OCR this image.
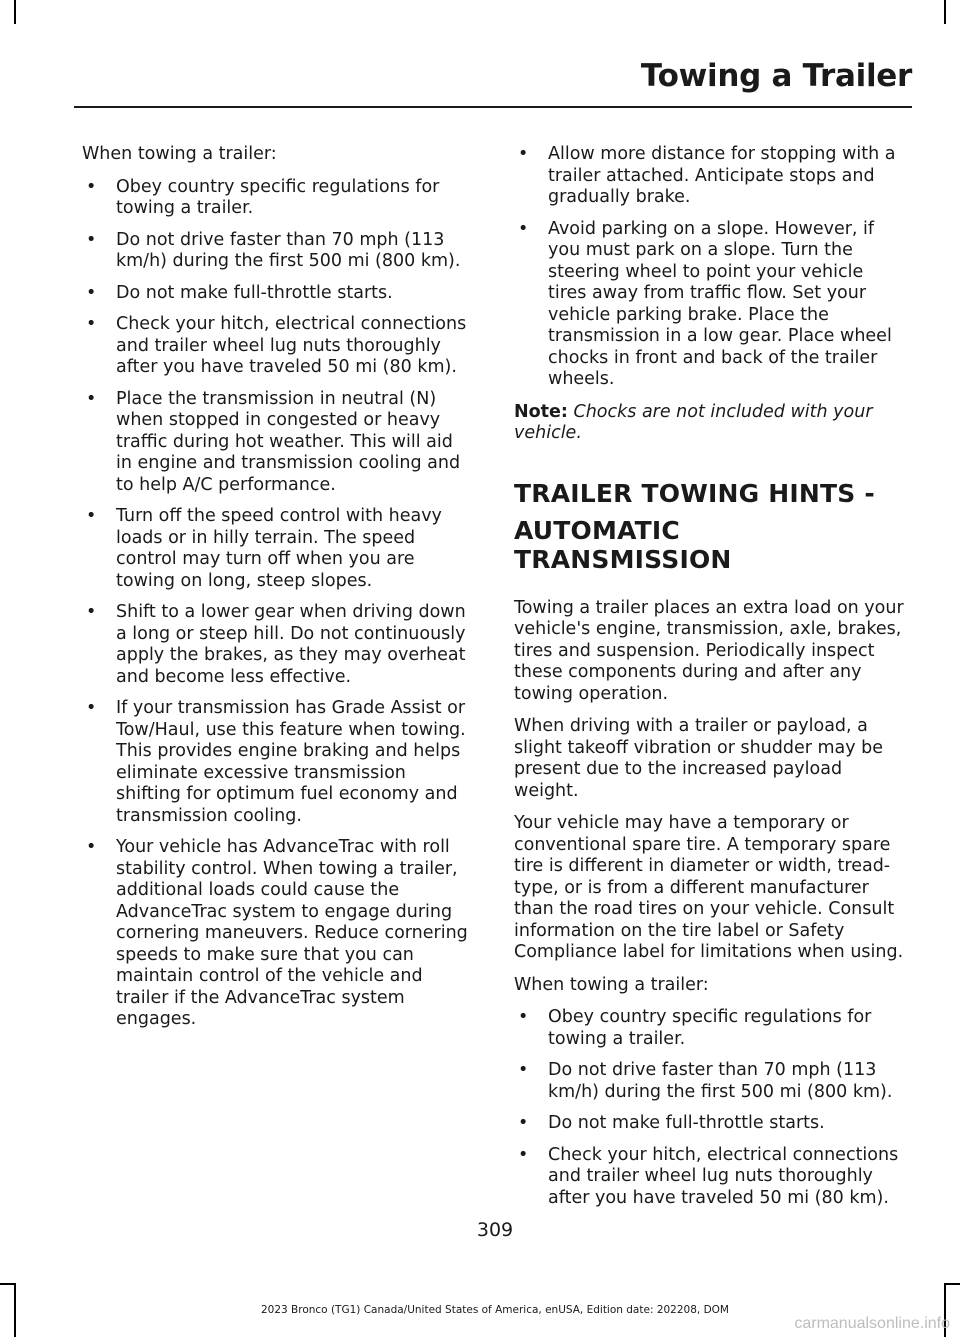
Towing a Trailer

When towing a trailer:

• Obey country specific regulations for towing a trailer.
• Do not drive faster than 70 mph (113 km/h) during the first 500 mi (800 km).
• Do not make full-throttle starts.
• Check your hitch, electrical connections and trailer wheel lug nuts thoroughly after you have traveled 50 mi (80 km).
• Place the transmission in neutral (N) when stopped in congested or heavy traffic during hot weather. This will aid in engine and transmission cooling and to help A/C performance.
• Turn off the speed control with heavy loads or in hilly terrain. The speed control may turn off when you are towing on long, steep slopes.
• Shift to a lower gear when driving down a long or steep hill. Do not continuously apply the brakes, as they may overheat and become less effective.
• If your transmission has Grade Assist or Tow/Haul, use this feature when towing. This provides engine braking and helps eliminate excessive transmission shifting for optimum fuel economy and transmission cooling.
• Your vehicle has AdvanceTrac with roll stability control. When towing a trailer, additional loads could cause the AdvanceTrac system to engage during cornering maneuvers. Reduce cornering speeds to make sure that you can maintain control of the vehicle and trailer if the AdvanceTrac system engages.
• Allow more distance for stopping with a trailer attached. Anticipate stops and gradually brake.
• Avoid parking on a slope. However, if you must park on a slope. Turn the steering wheel to point your vehicle tires away from traffic flow. Set your vehicle parking brake. Place the transmission in a low gear. Place wheel chocks in front and back of the trailer wheels.

Note: Chocks are not included with your vehicle.

TRAILER TOWING HINTS -
AUTOMATIC TRANSMISSION

Towing a trailer places an extra load on your vehicle's engine, transmission, axle, brakes, tires and suspension. Periodically inspect these components during and after any towing operation.

When driving with a trailer or payload, a slight takeoff vibration or shudder may be present due to the increased payload weight.

Your vehicle may have a temporary or conventional spare tire. A temporary spare tire is different in diameter or width, tread-type, or is from a different manufacturer than the road tires on your vehicle. Consult information on the tire label or Safety Compliance label for limitations when using.

When towing a trailer:

• Obey country specific regulations for towing a trailer.
• Do not drive faster than 70 mph (113 km/h) during the first 500 mi (800 km).
• Do not make full-throttle starts.
• Check your hitch, electrical connections and trailer wheel lug nuts thoroughly after you have traveled 50 mi (80 km).
309
2023 Bronco (TG1) Canada/United States of America, enUSA, Edition date: 202208, DOM
carmanualsonline.info
